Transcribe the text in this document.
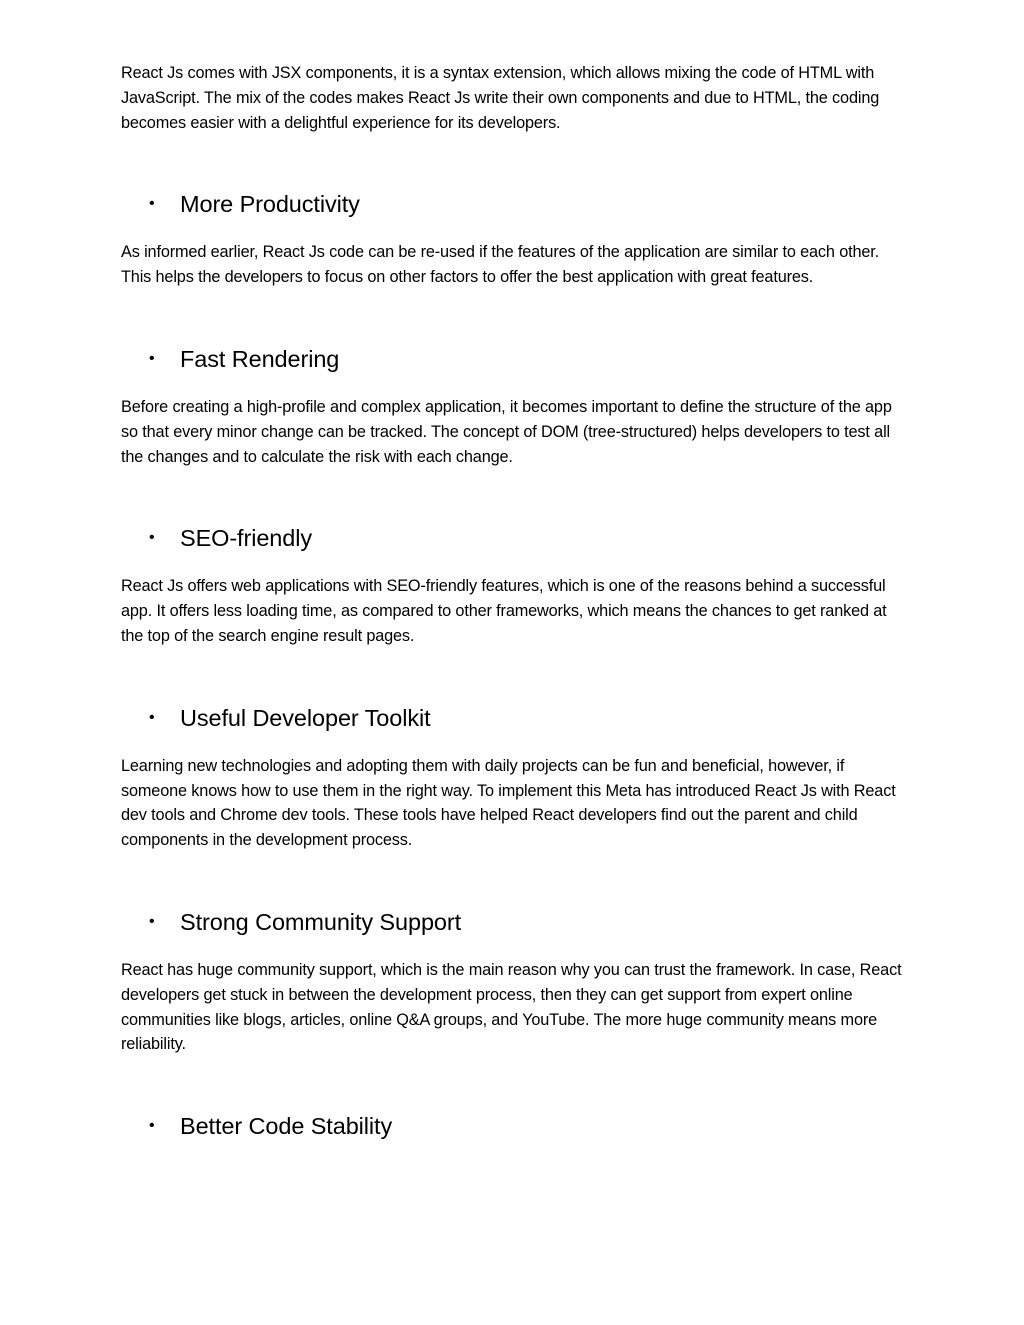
React Js comes with JSX components, it is a syntax extension, which allows mixing the code of HTML with JavaScript. The mix of the codes makes React Js write their own components and due to HTML, the coding becomes easier with a delightful experience for its developers.

• More Productivity

As informed earlier, React Js code can be re-used if the features of the application are similar to each other. This helps the developers to focus on other factors to offer the best application with great features.

• Fast Rendering

Before creating a high-profile and complex application, it becomes important to define the structure of the app so that every minor change can be tracked. The concept of DOM (tree-structured) helps developers to test all the changes and to calculate the risk with each change.

• SEO-friendly

React Js offers web applications with SEO-friendly features, which is one of the reasons behind a successful app. It offers less loading time, as compared to other frameworks, which means the chances to get ranked at the top of the search engine result pages.

• Useful Developer Toolkit

Learning new technologies and adopting them with daily projects can be fun and beneficial, however, if someone knows how to use them in the right way. To implement this Meta has introduced React Js with React dev tools and Chrome dev tools. These tools have helped React developers find out the parent and child components in the development process.

• Strong Community Support

React has huge community support, which is the main reason why you can trust the framework. In case, React developers get stuck in between the development process, then they can get support from expert online communities like blogs, articles, online Q&A groups, and YouTube. The more huge community means more reliability.

• Better Code Stability
